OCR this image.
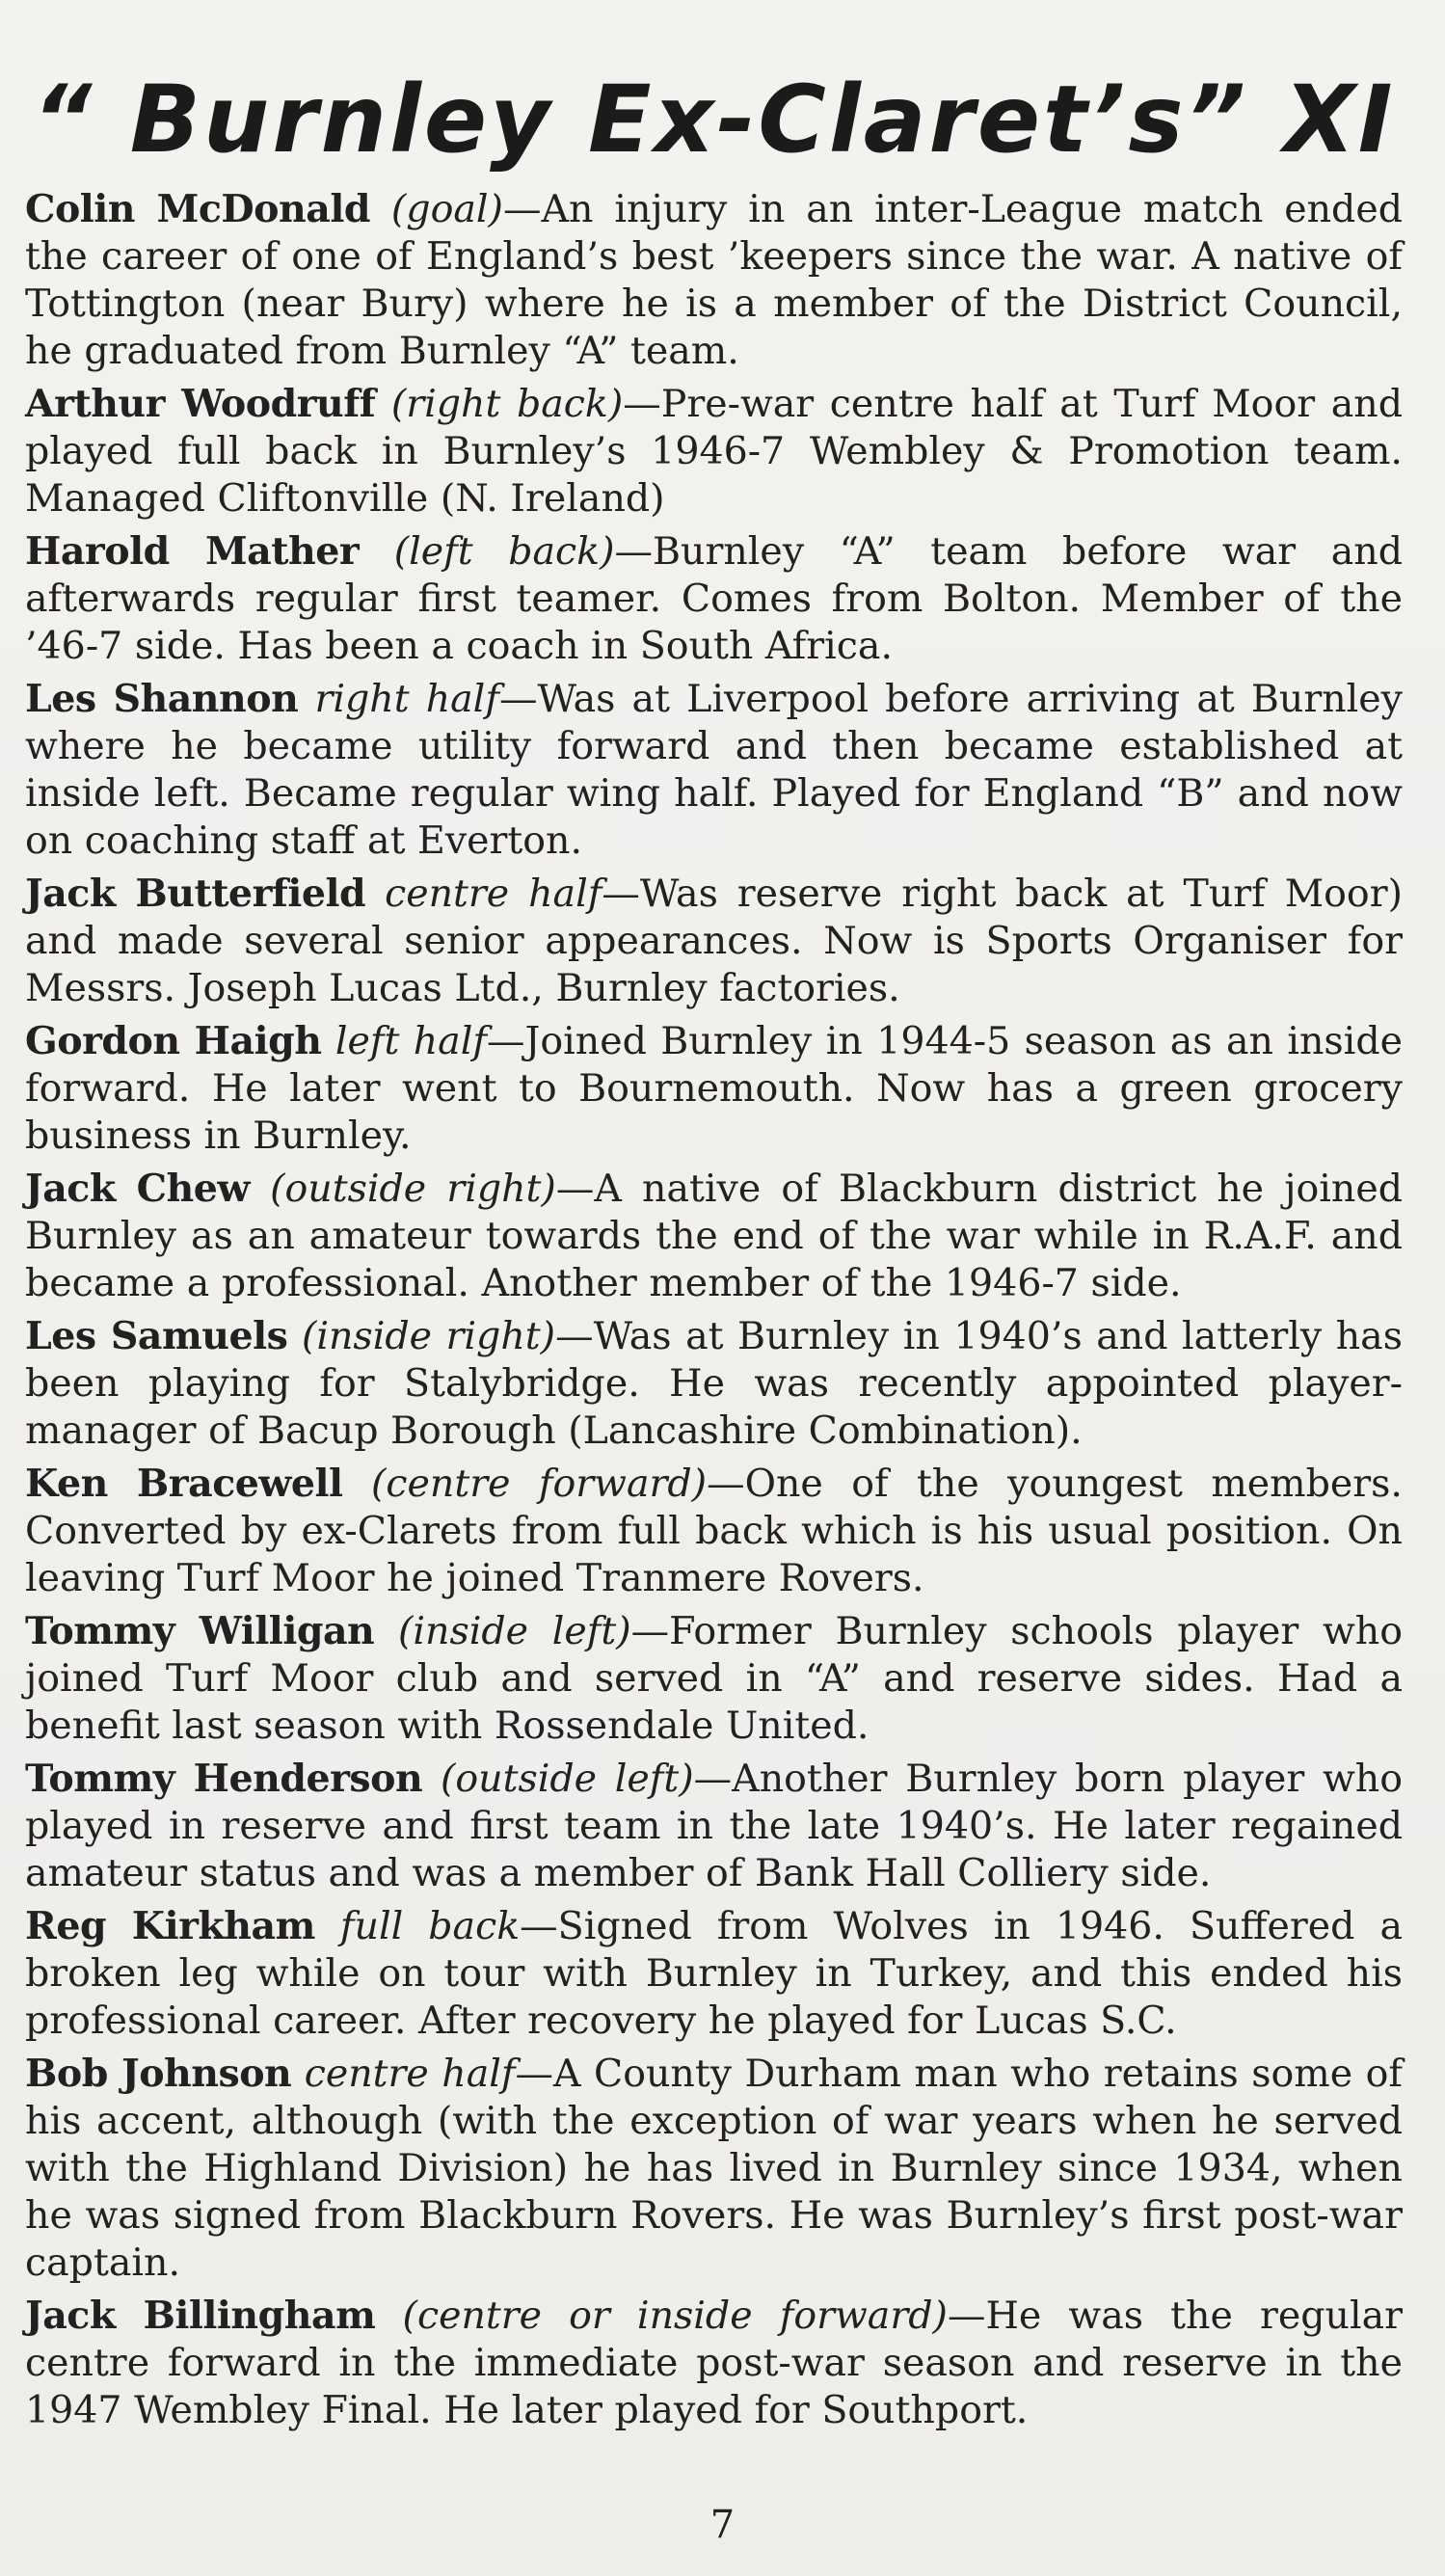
“ Burnley Ex-Claret’s” XI

Colin McDonald (goal)—An injury in an inter-League match ended the career of one of England’s best ’keepers since the war. A native of Tottington (near Bury) where he is a member of the District Council, he graduated from Burnley “A” team.

Arthur Woodruff (right back)—Pre-war centre half at Turf Moor and played full back in Burnley’s 1946-7 Wembley & Promotion team. Managed Cliftonville (N. Ireland)

Harold Mather (left back)—Burnley “A” team before war and afterwards regular first teamer. Comes from Bolton. Member of the ’46-7 side. Has been a coach in South Africa.

Les Shannon right half—Was at Liverpool before arriving at Burnley where he became utility forward and then became established at inside left. Became regular wing half. Played for England “B” and now on coaching staff at Everton.

Jack Butterfield centre half—Was reserve right back at Turf Moor) and made several senior appearances. Now is Sports Organiser for Messrs. Joseph Lucas Ltd., Burnley factories.

Gordon Haigh left half—Joined Burnley in 1944-5 season as an inside forward. He later went to Bournemouth. Now has a green grocery business in Burnley.

Jack Chew (outside right)—A native of Blackburn district he joined Burnley as an amateur towards the end of the war while in R.A.F. and became a professional. Another member of the 1946-7 side.

Les Samuels (inside right)—Was at Burnley in 1940’s and latterly has been playing for Stalybridge. He was recently appointed player-manager of Bacup Borough (Lancashire Combination).

Ken Bracewell (centre forward)—One of the youngest members. Converted by ex-Clarets from full back which is his usual position. On leaving Turf Moor he joined Tranmere Rovers.

Tommy Willigan (inside left)—Former Burnley schools player who joined Turf Moor club and served in “A” and reserve sides. Had a benefit last season with Rossendale United.

Tommy Henderson (outside left)—Another Burnley born player who played in reserve and first team in the late 1940’s. He later regained amateur status and was a member of Bank Hall Colliery side.

Reg Kirkham full back—Signed from Wolves in 1946. Suffered a broken leg while on tour with Burnley in Turkey, and this ended his professional career. After recovery he played for Lucas S.C.

Bob Johnson centre half—A County Durham man who retains some of his accent, although (with the exception of war years when he served with the Highland Division) he has lived in Burnley since 1934, when he was signed from Blackburn Rovers. He was Burnley’s first post-war captain.

Jack Billingham (centre or inside forward)—He was the regular centre forward in the immediate post-war season and reserve in the 1947 Wembley Final. He later played for Southport.

7
